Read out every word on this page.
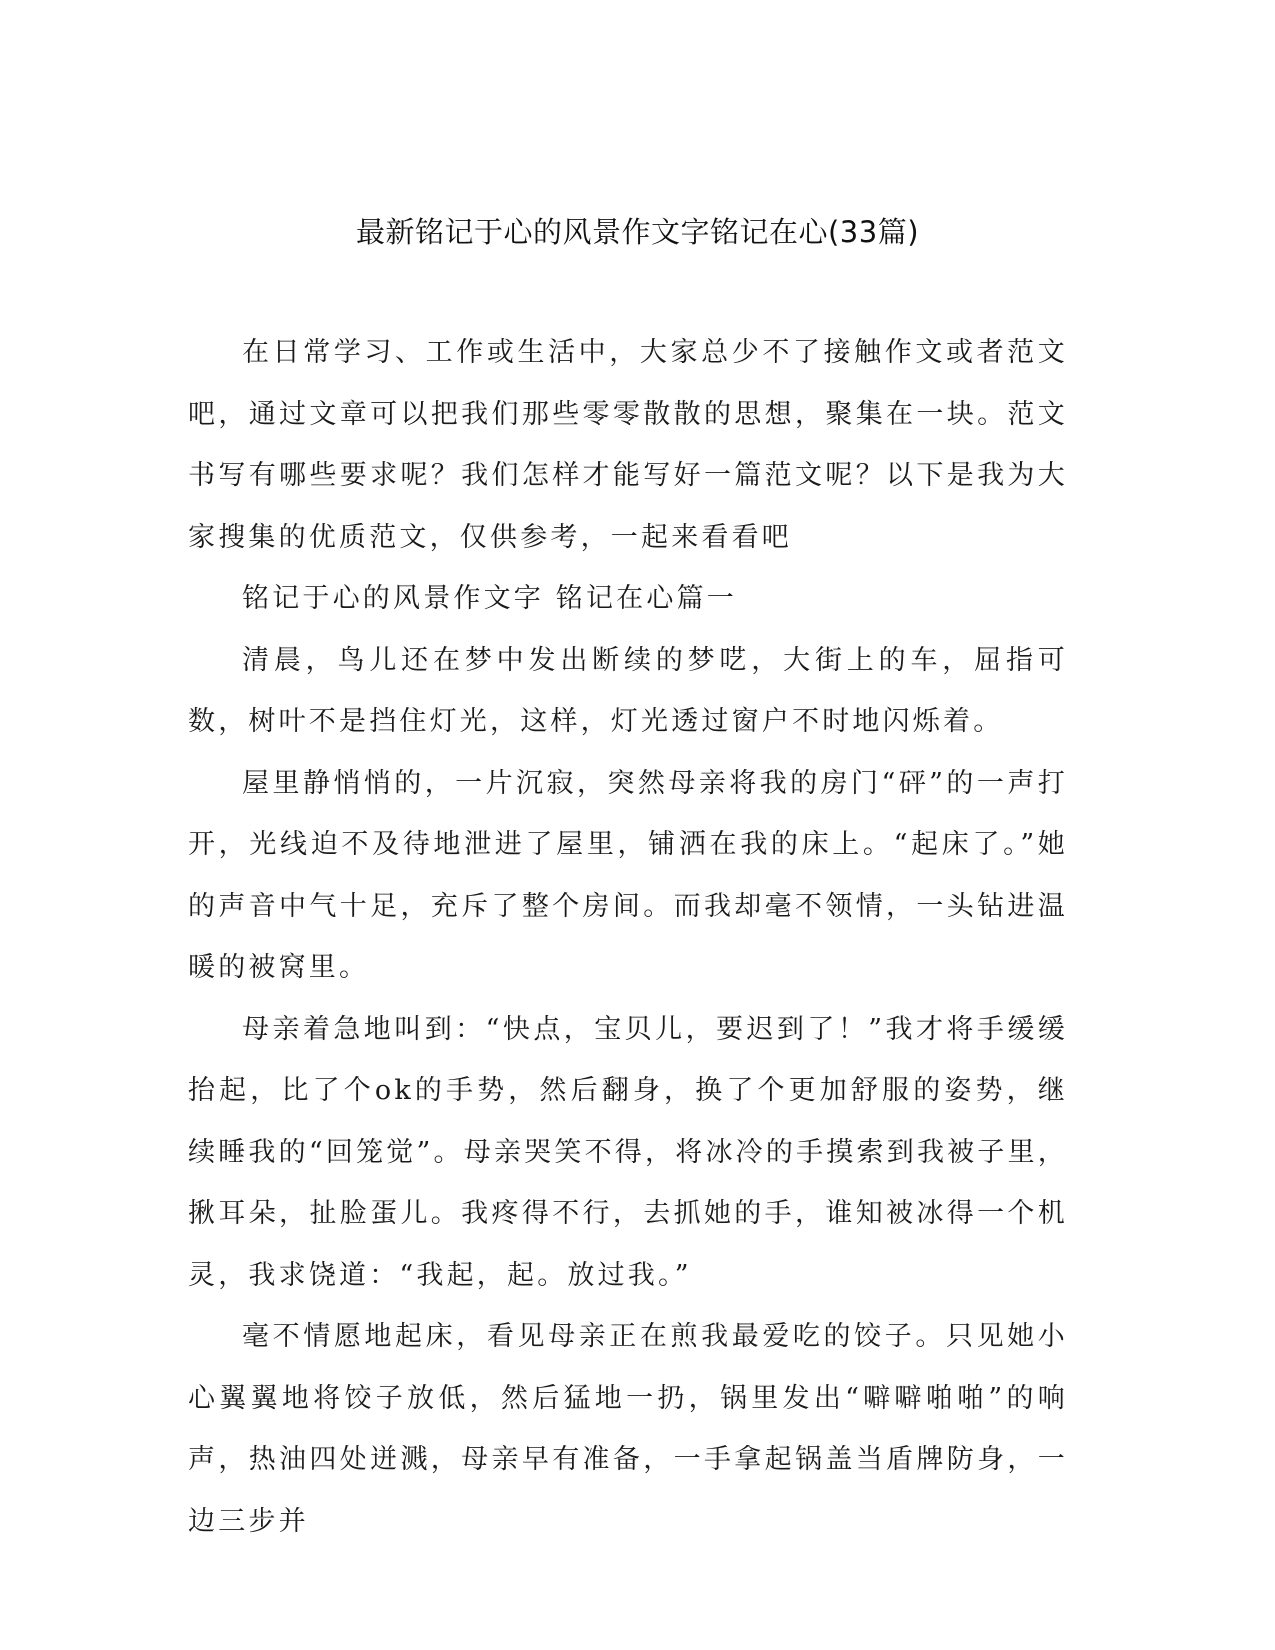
最新铭记于心的风景作文字铭记在心(33篇)

在日常学习、工作或生活中，大家总少不了接触作文或者范文吧，通过文章可以把我们那些零零散散的思想，聚集在一块。范文书写有哪些要求呢？我们怎样才能写好一篇范文呢？以下是我为大家搜集的优质范文，仅供参考，一起来看看吧

铭记于心的风景作文字 铭记在心篇一

清晨，鸟儿还在梦中发出断续的梦呓，大街上的车，屈指可数，树叶不是挡住灯光，这样，灯光透过窗户不时地闪烁着。

屋里静悄悄的，一片沉寂，突然母亲将我的房门“砰”的一声打开，光线迫不及待地泄进了屋里，铺洒在我的床上。“起床了。”她的声音中气十足，充斥了整个房间。而我却毫不领情，一头钻进温暖的被窝里。

母亲着急地叫到：“快点，宝贝儿，要迟到了！”我才将手缓缓抬起，比了个ok的手势，然后翻身，换了个更加舒服的姿势，继续睡我的“回笼觉”。母亲哭笑不得，将冰冷的手摸索到我被子里，揪耳朵，扯脸蛋儿。我疼得不行，去抓她的手，谁知被冰得一个机灵，我求饶道：“我起，起。放过我。”

毫不情愿地起床，看见母亲正在煎我最爱吃的饺子。只见她小心翼翼地将饺子放低，然后猛地一扔，锅里发出“噼噼啪啪”的响声，热油四处迸溅，母亲早有准备，一手拿起锅盖当盾牌防身，一边三步并
